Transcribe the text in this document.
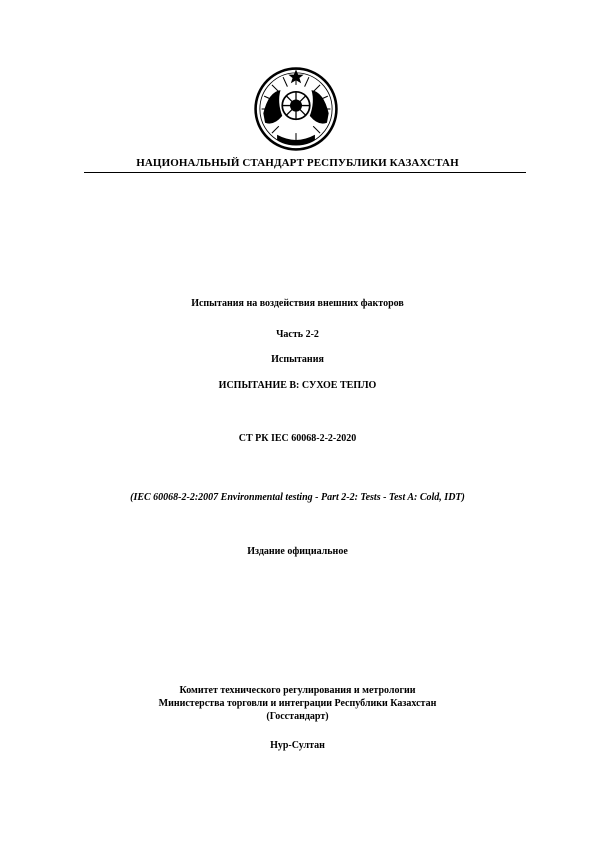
НАЦИОНАЛЬНЫЙ СТАНДАРТ РЕСПУБЛИКИ КАЗАХСТАН
Испытания на воздействия внешних факторов
Часть 2-2
Испытания
ИСПЫТАНИЕ В: СУХОЕ ТЕПЛО
СТ РК IEC 60068-2-2-2020
(IEC 60068-2-2:2007 Environmental testing - Part 2-2: Tests - Test A: Cold, IDT)
Издание официальное
Комитет технического регулирования и метрологии
Министерства торговли и интеграции Республики Казахстан
(Госстандарт)
Нур-Султан
